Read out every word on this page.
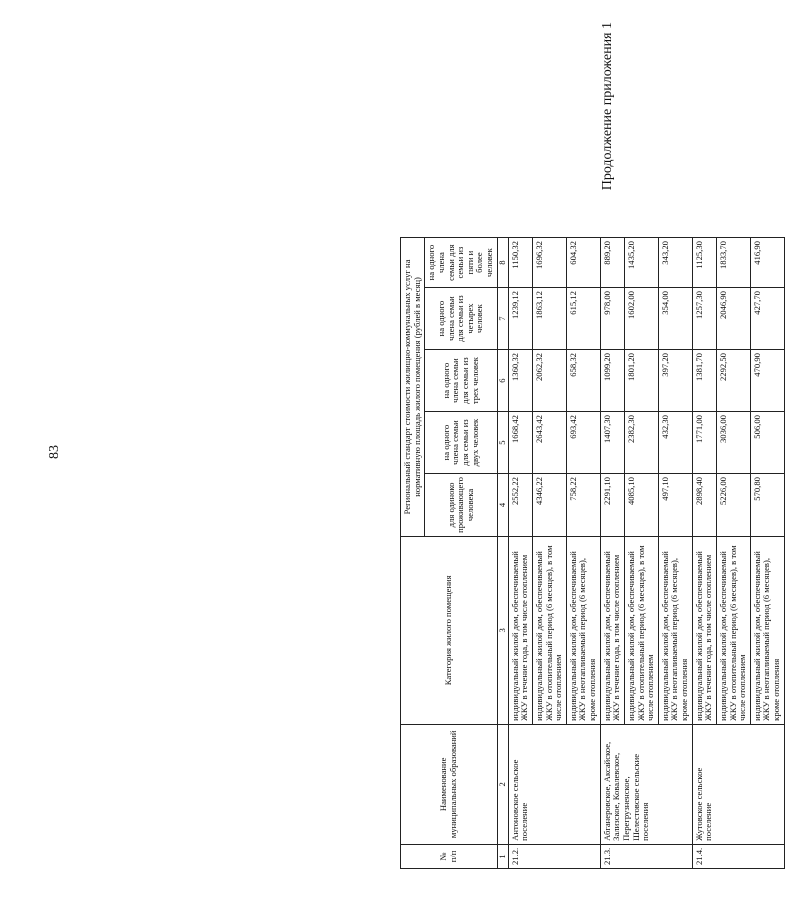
83
Продолжение приложения 1
№ п/п	Наименование муниципальных образований	Категория жилого помещения	Региональный стандарт стоимости жилищно-коммунальных услуг на нормативную площадь жилого помещения (рублей в месяц)				
			для одиноко проживающего человека	на одного члена семьи для семьи из двух человек	на одного члена семьи для семьи из трех человек	на одного члена семьи для семьи из четырех человек	на одного члена семьи для семьи из пяти и более человек
1	2	3	4	5	6	7	8
21.2.	Антоновское сельское поселение	индивидуальный жилой дом, обеспечиваемый ЖКУ в течение года, в том числе отоплением	2552,22	1668,42	1360,32	1239,12	1150,32
		индивидуальный жилой дом, обеспечиваемый ЖКУ в отопительный период (6 месяцев), в том числе отоплением	4346,22	2643,42	2062,32	1863,12	1696,32
		индивидуальный жилой дом, обеспечиваемый ЖКУ в неотапливаемый период (6 месяцев), кроме отопления	758,22	693,42	658,32	615,12	604,32
21.3.	Абганеровское, Аксайское, Зализское, Ковалевское, Перегрузненское, Шелестовское сельские поселения	индивидуальный жилой дом, обеспечиваемый ЖКУ в течение года, в том числе отоплением	2291,10	1407,30	1099,20	978,00	889,20
		индивидуальный жилой дом, обеспечиваемый ЖКУ в отопительный период (6 месяцев), в том числе отоплением	4085,10	2382,30	1801,20	1602,00	1435,20
		индивидуальный жилой дом, обеспечиваемый ЖКУ в неотапливаемый период (6 месяцев), кроме отопления	497,10	432,30	397,20	354,00	343,20
21.4.	Жутовское сельское поселение	индивидуальный жилой дом, обеспечиваемый ЖКУ в течение года, в том числе отоплением	2898,40	1771,00	1381,70	1257,30	1125,30
		индивидуальный жилой дом, обеспечиваемый ЖКУ в отопительный период (6 месяцев), в том числе отоплением	5226,00	3036,00	2292,50	2046,90	1833,70
		индивидуальный жилой дом, обеспечиваемый ЖКУ в неотапливаемый период (6 месяцев), кроме отопления	570,80	506,00	470,90	427,70	416,90
